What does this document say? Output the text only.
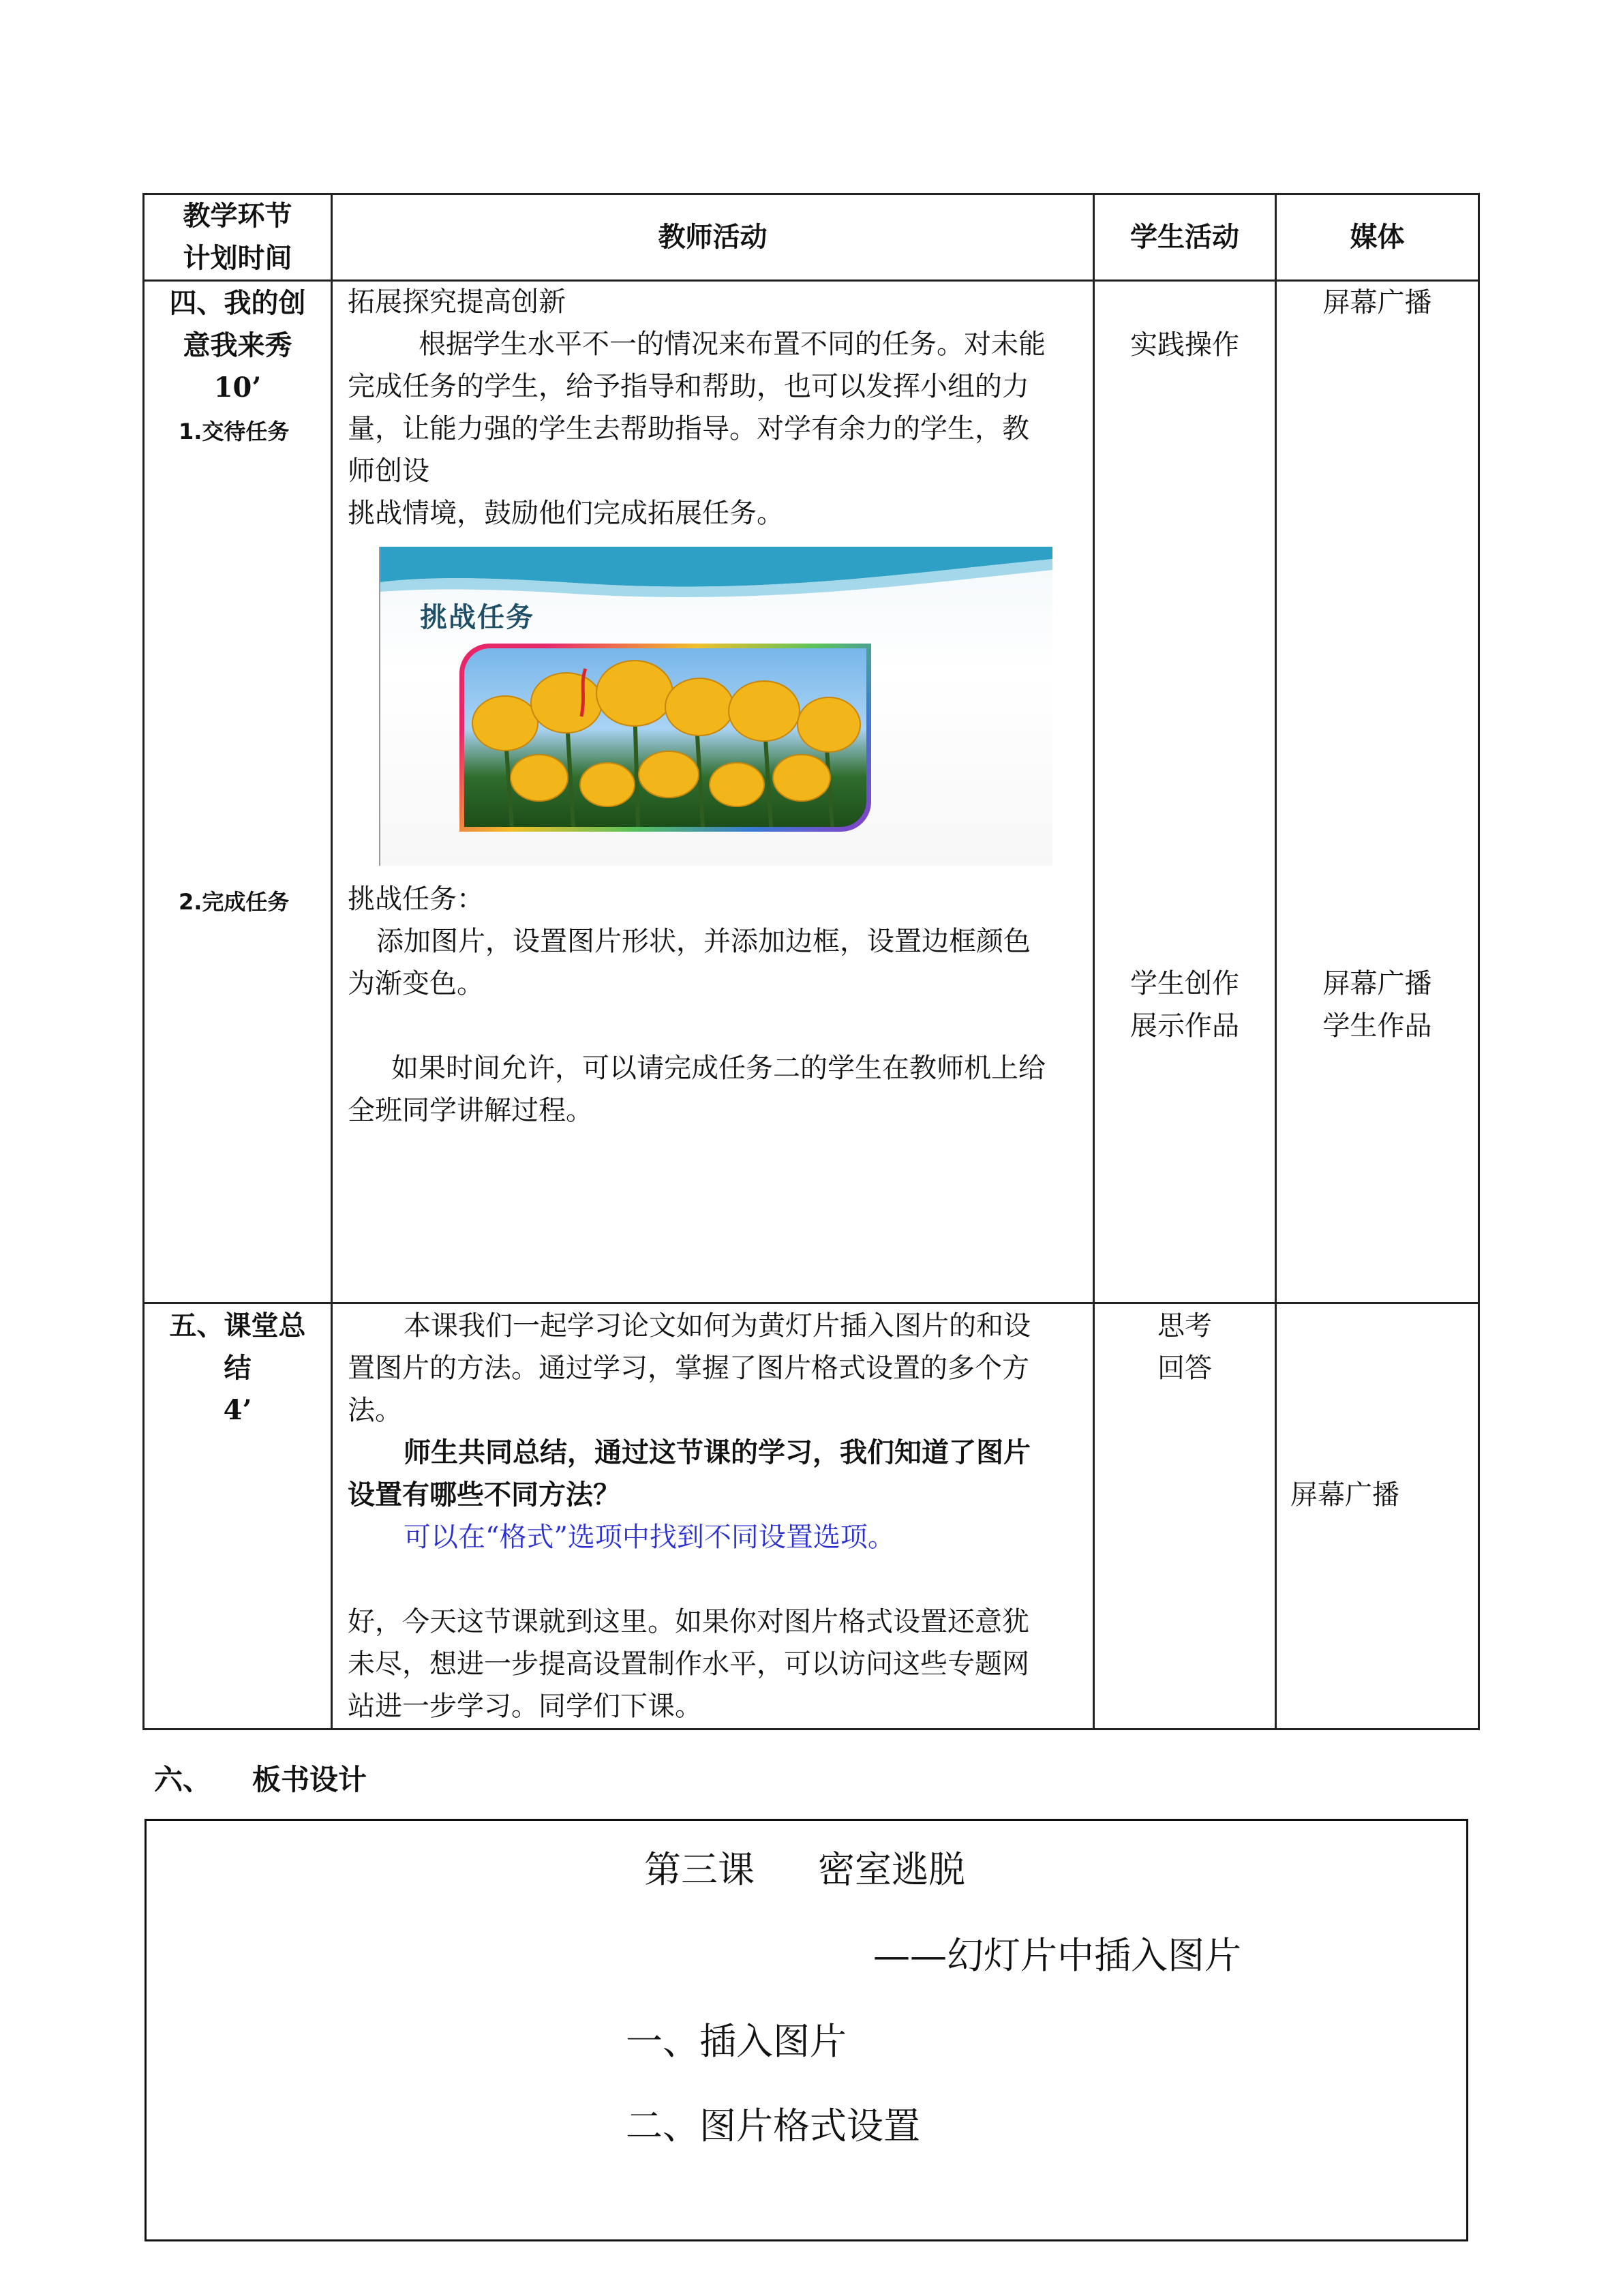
教学环节
计划时间
教师活动	学生活动	媒体
四、我的创
意我来秀
10’
1.交待任务
2.完成任务
拓展探究提高创新
根据学生水平不一的情况来布置不同的任务。对未能
完成任务的学生，给予指导和帮助，也可以发挥小组的力
量，让能力强的学生去帮助指导。对学有余力的学生，教
师创设
挑战情境，鼓励他们完成拓展任务。
挑战任务
挑战任务：
添加图片，设置图片形状，并添加边框，设置边框颜色
为渐变色。
如果时间允许，可以请完成任务二的学生在教师机上给
全班同学讲解过程。
实践操作
学生创作
展示作品
屏幕广播
屏幕广播
学生作品
五、课堂总
结
4’
本课我们一起学习论文如何为黄灯片插入图片的和设
置图片的方法。通过学习，掌握了图片格式设置的多个方
法。
师生共同总结，通过这节课的学习，我们知道了图片
设置有哪些不同方法？
可以在“格式”选项中找到不同设置选项。
好，今天这节课就到这里。如果你对图片格式设置还意犹
未尽，想进一步提高设置制作水平，可以访问这些专题网
站进一步学习。同学们下课。
思考
回答
屏幕广播
六、 板书设计
第三课 密室逃脱
——幻灯片中插入图片
一、插入图片
二、图片格式设置
